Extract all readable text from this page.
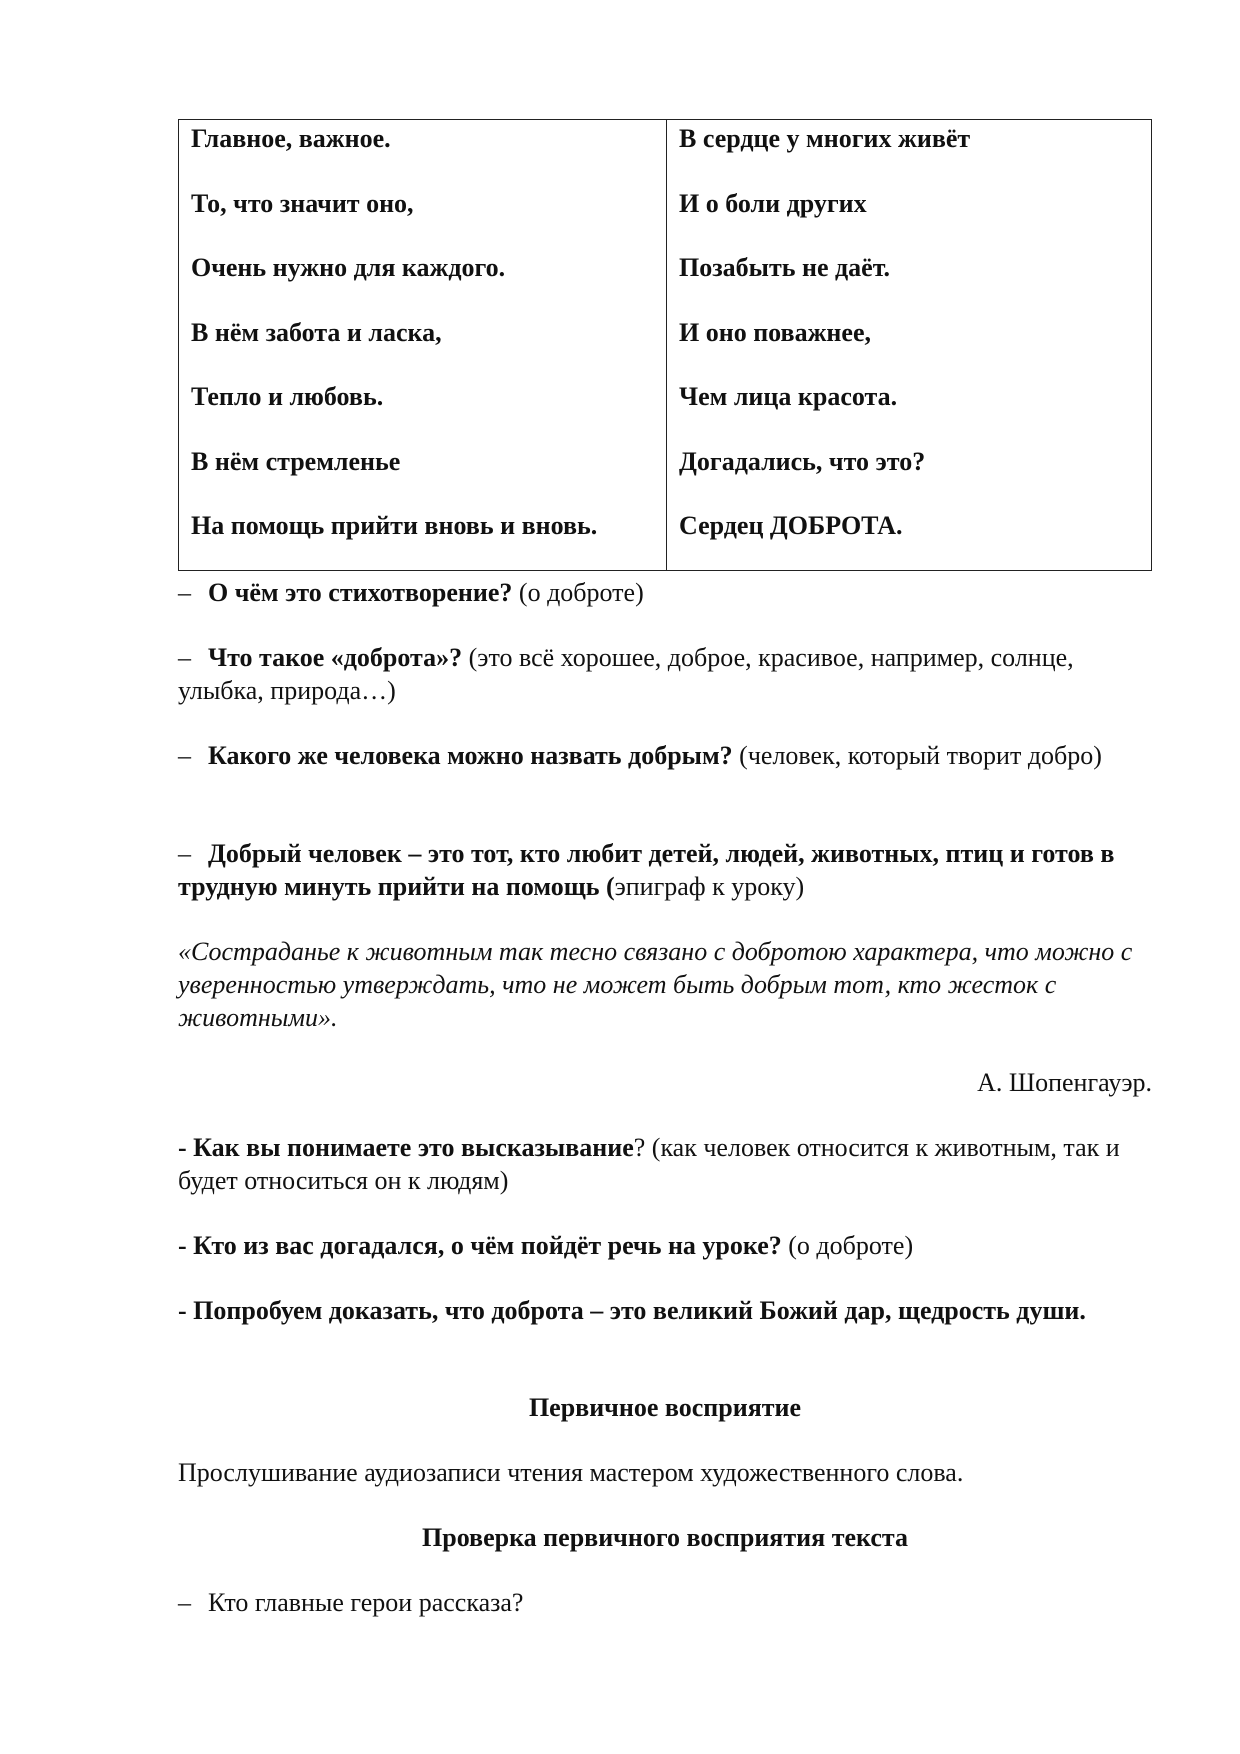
Главное, важное.
То, что значит оно,
Очень нужно для каждого.
В нём забота и ласка,
Тепло и любовь.
В нём стремленье
На помощь прийти вновь и вновь.
В сердце у многих живёт
И о боли других
Позабыть не даёт.
И оно поважнее,
Чем лица красота.
Догадались, что это?
Сердец ДОБРОТА.
– О чём это стихотворение? (о доброте)
– Что такое «доброта»? (это всё хорошее, доброе, красивое, например, солнце, улыбка, природа…)
– Какого же человека можно назвать добрым? (человек, который творит добро)
– Добрый человек – это тот, кто любит детей, людей, животных, птиц и готов в трудную минуть прийти на помощь (эпиграф к уроку)
«Состраданье к животным так тесно связано с добротою характера, что можно с уверенностью утверждать, что не может быть добрым тот, кто жесток с животными».
А. Шопенгауэр.
- Как вы понимаете это высказывание? (как человек относится к животным, так и будет относиться он к людям)
- Кто из вас догадался, о чём пойдёт речь на уроке? (о доброте)
- Попробуем доказать, что доброта – это великий Божий дар, щедрость души.
Первичное восприятие
Прослушивание аудиозаписи чтения мастером художественного слова.
Проверка первичного восприятия текста
– Кто главные герои рассказа?
